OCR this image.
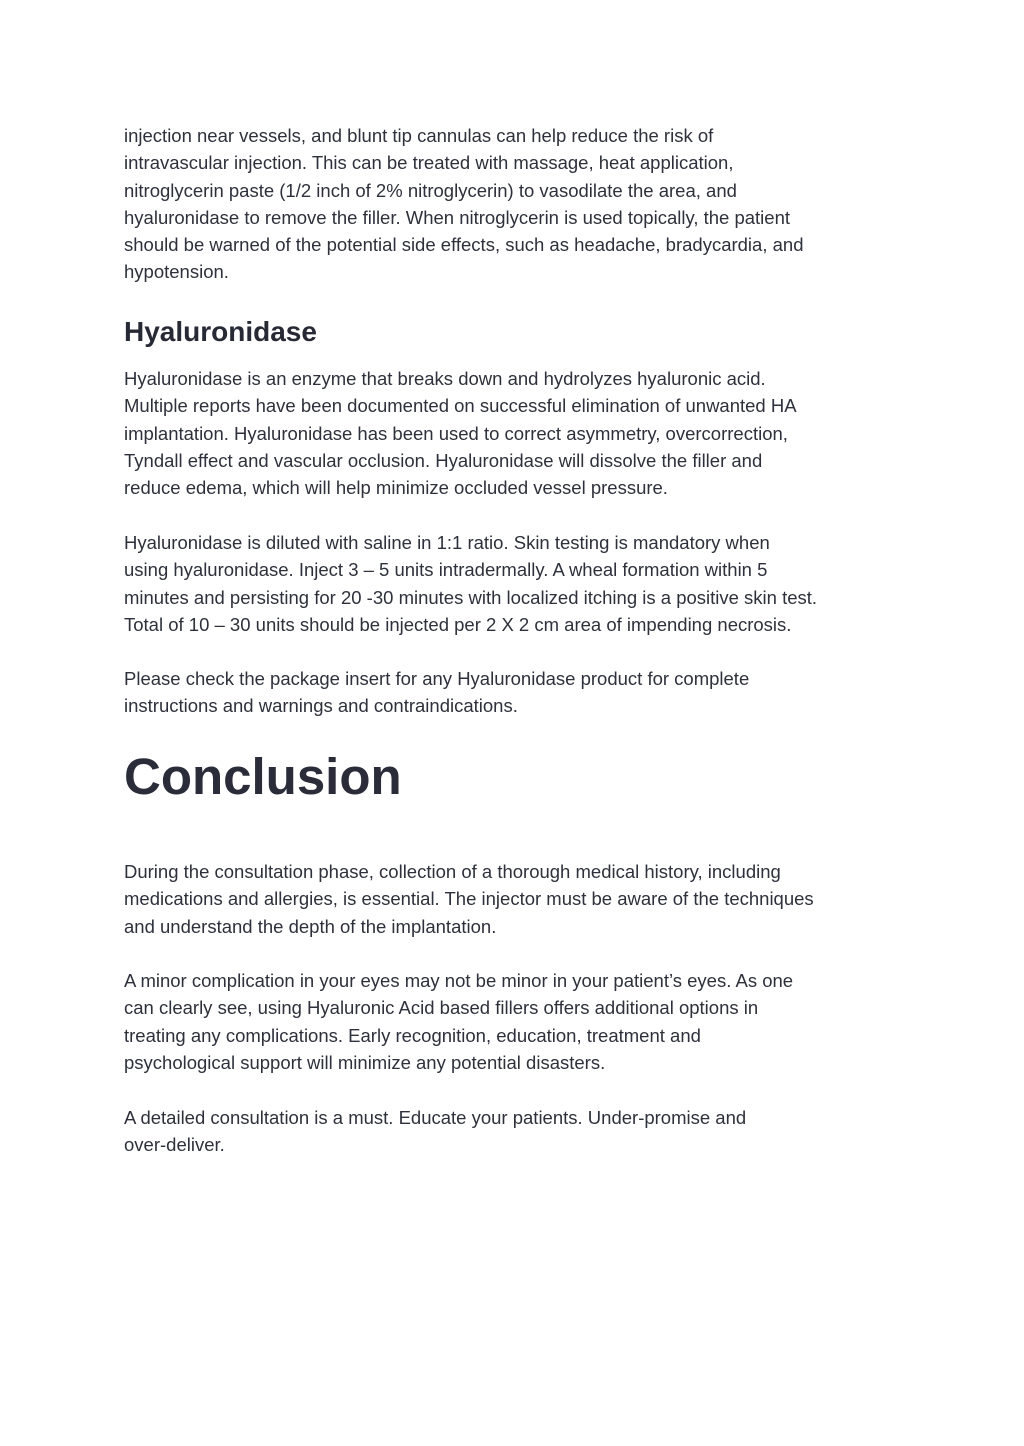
injection near vessels, and blunt tip cannulas can help reduce the risk of
intravascular injection. This can be treated with massage, heat application,
nitroglycerin paste (1/2 inch of 2% nitroglycerin) to vasodilate the area, and
hyaluronidase to remove the filler. When nitroglycerin is used topically, the patient
should be warned of the potential side effects, such as headache, bradycardia, and
hypotension.

Hyaluronidase

Hyaluronidase is an enzyme that breaks down and hydrolyzes hyaluronic acid.
Multiple reports have been documented on successful elimination of unwanted HA
implantation. Hyaluronidase has been used to correct asymmetry, overcorrection,
Tyndall effect and vascular occlusion. Hyaluronidase will dissolve the filler and
reduce edema, which will help minimize occluded vessel pressure.

Hyaluronidase is diluted with saline in 1:1 ratio. Skin testing is mandatory when
using hyaluronidase. Inject 3 – 5 units intradermally. A wheal formation within 5
minutes and persisting for 20 -30 minutes with localized itching is a positive skin test.
Total of 10 – 30 units should be injected per 2 X 2 cm area of impending necrosis.

Please check the package insert for any Hyaluronidase product for complete
instructions and warnings and contraindications.

Conclusion

During the consultation phase, collection of a thorough medical history, including
medications and allergies, is essential. The injector must be aware of the techniques
and understand the depth of the implantation.

A minor complication in your eyes may not be minor in your patient’s eyes. As one
can clearly see, using Hyaluronic Acid based fillers offers additional options in
treating any complications. Early recognition, education, treatment and
psychological support will minimize any potential disasters.

A detailed consultation is a must. Educate your patients. Under-promise and
over-deliver.
